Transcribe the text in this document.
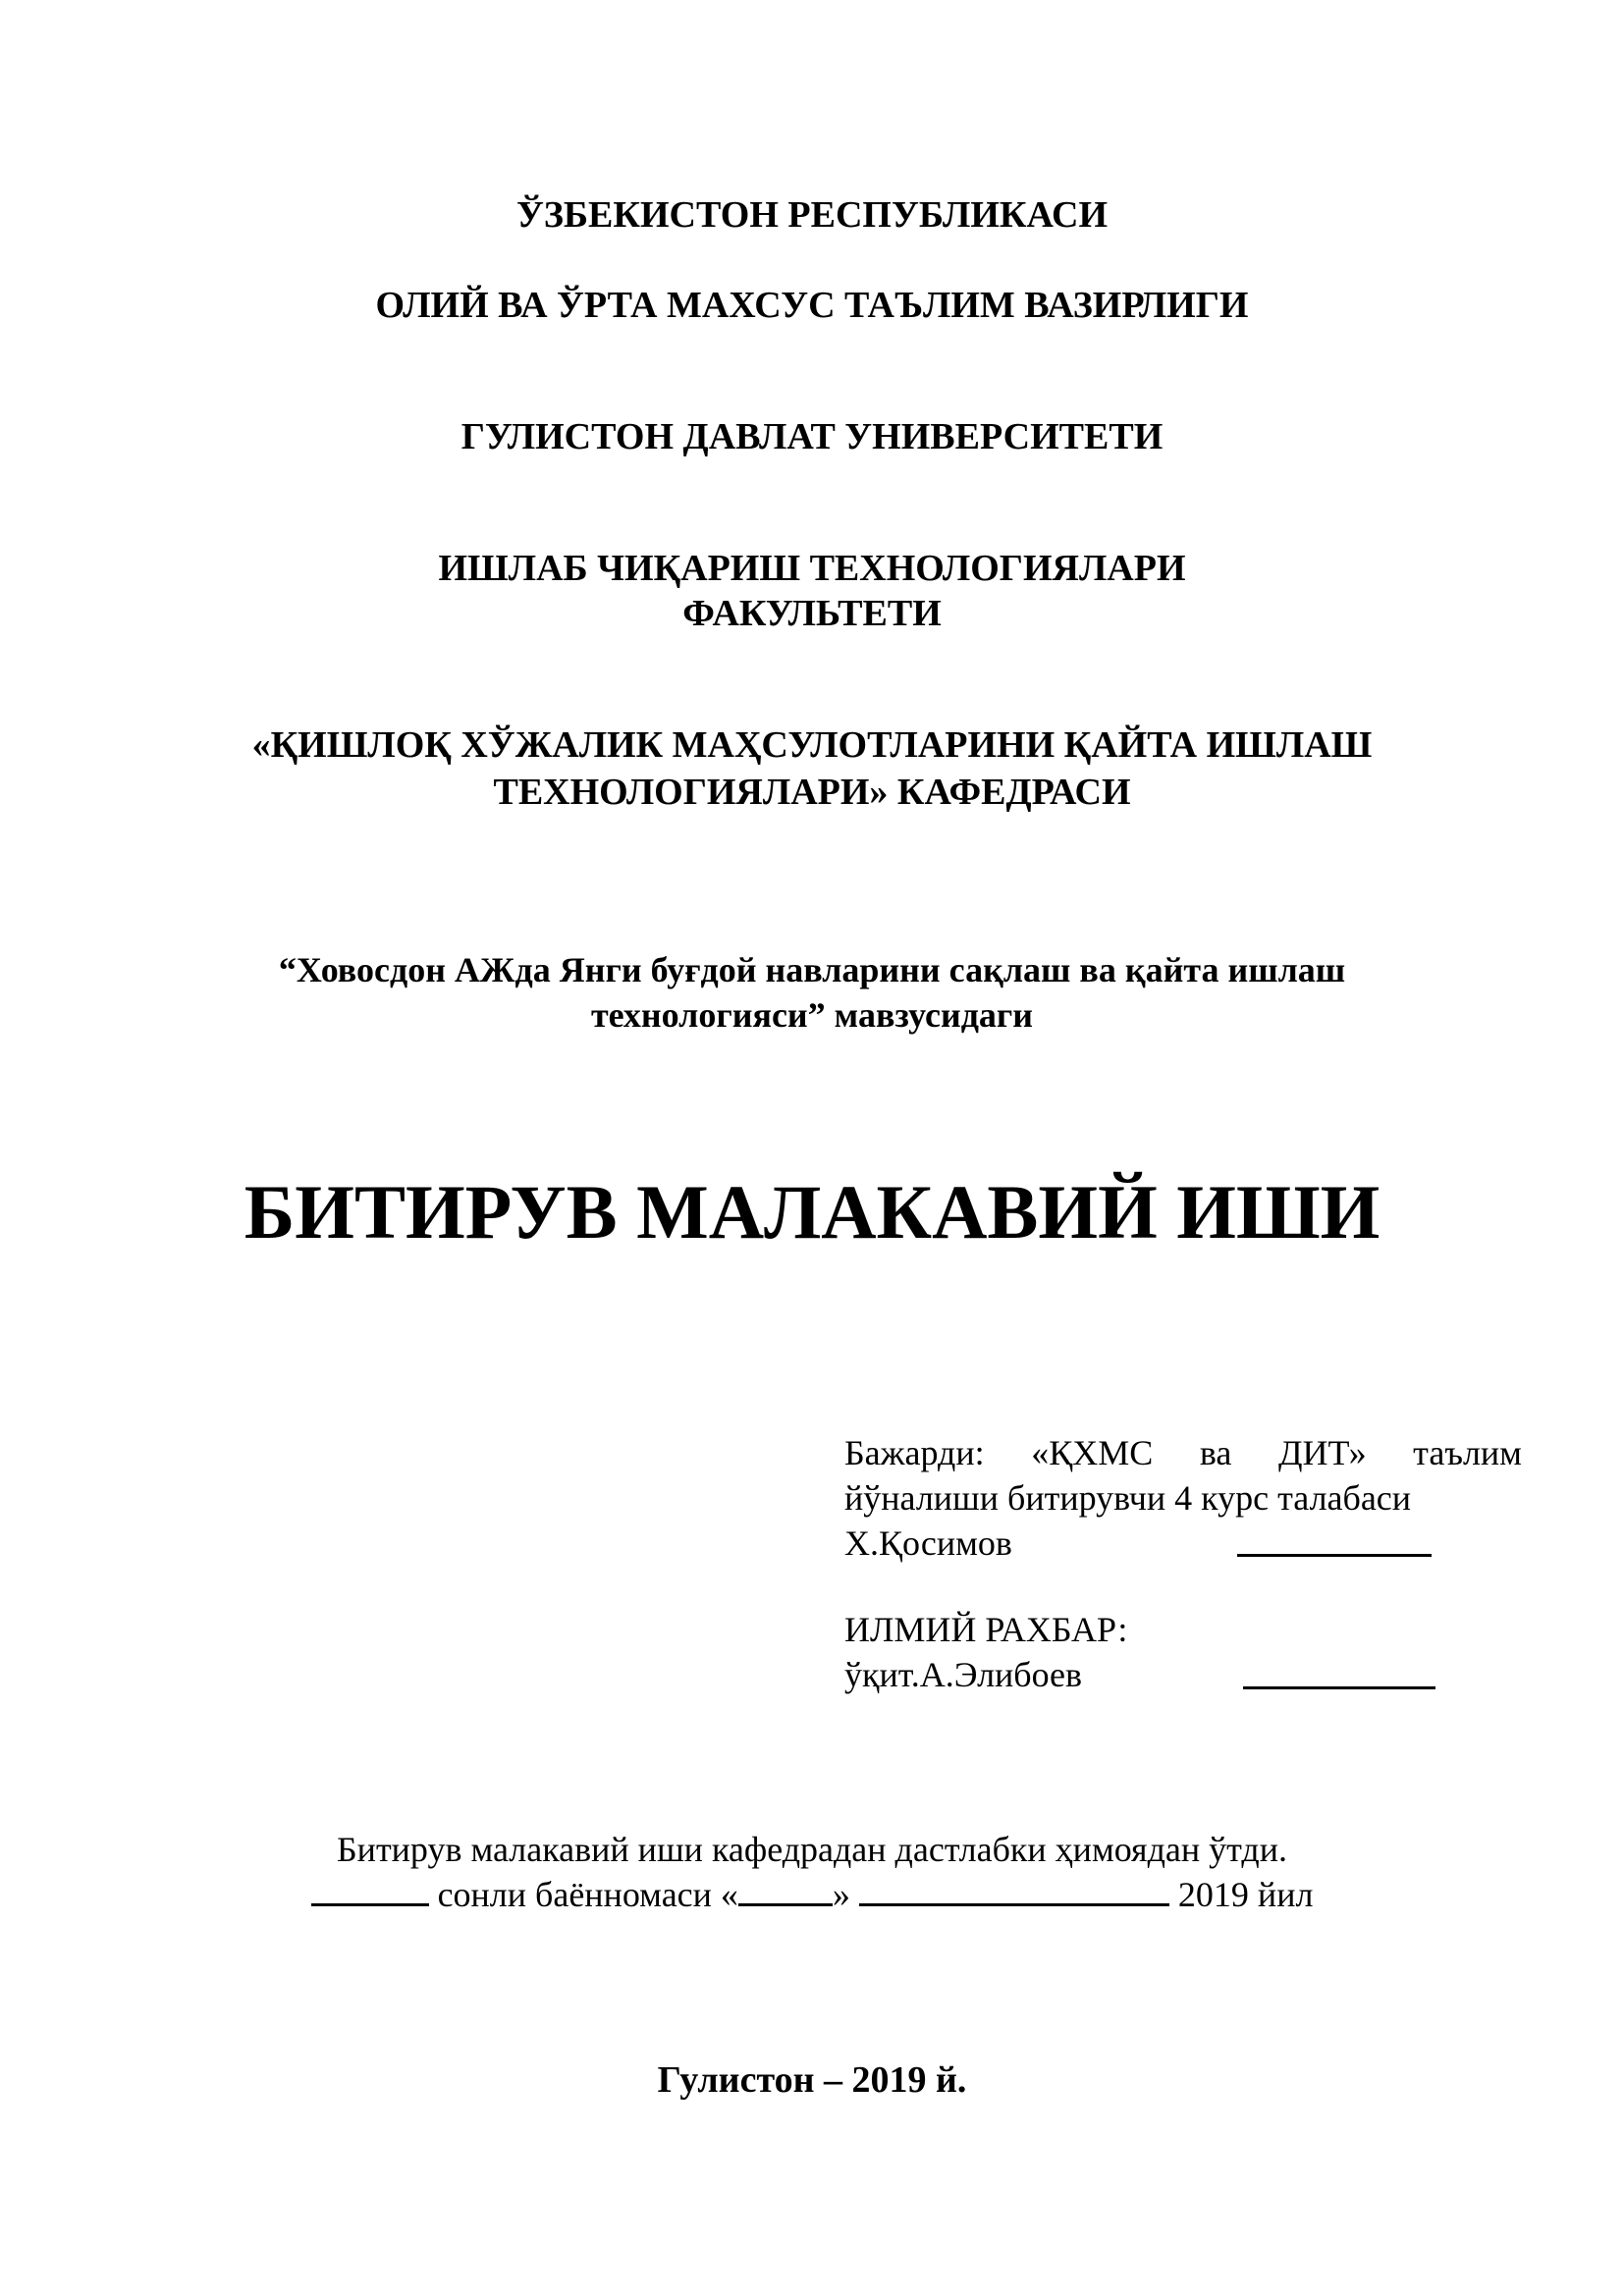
ЎЗБЕКИСТОН РЕСПУБЛИКАСИ
ОЛИЙ ВА ЎРТА МАХСУС ТАЪЛИМ ВАЗИРЛИГИ
ГУЛИСТОН ДАВЛАТ УНИВЕРСИТЕТИ
ИШЛАБ ЧИҚАРИШ ТЕХНОЛОГИЯЛАРИ
ФАКУЛЬТЕТИ
«ҚИШЛОҚ ХЎЖАЛИК МАҲСУЛОТЛАРИНИ ҚАЙТА ИШЛАШ
ТЕХНОЛОГИЯЛАРИ» КАФЕДРАСИ
“Ховосдон АЖда Янги буғдой навларини сақлаш ва қайта ишлаш
технологияси” мавзусидаги
БИТИРУВ МАЛАКАВИЙ ИШИ
Бажарди: «ҚХМС ва ДИТ» таълим
йўналиши битирувчи 4 курс талабаси
Х.Қосимов
ИЛМИЙ РАХБАР:
ўқит.А.Элибоев
Битирув малакавий иши кафедрадан дастлабки ҳимоядан ўтди.
сонли баённомаси «	»	2019 йил
Гулистон – 2019 й.
